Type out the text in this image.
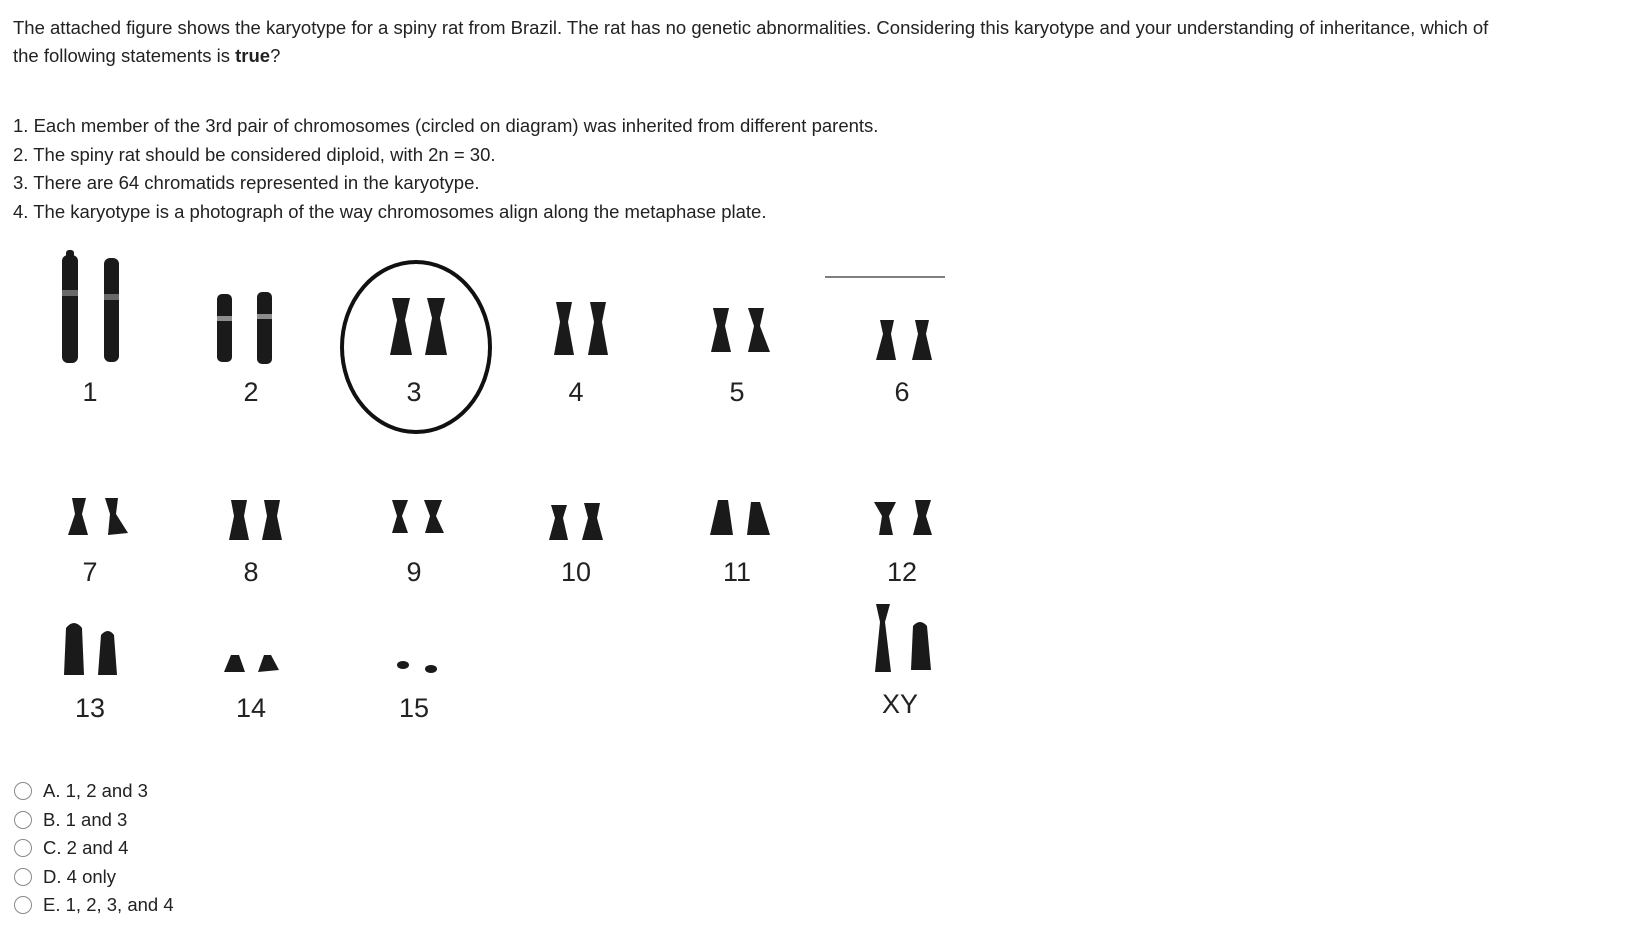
The attached figure shows the karyotype for a spiny rat from Brazil. The rat has no genetic abnormalities. Considering this karyotype and your understanding of inheritance, which of the following statements is true?
1. Each member of the 3rd pair of chromosomes (circled on diagram) was inherited from different parents.
2. The spiny rat should be considered diploid, with 2n = 30.
3. There are 64 chromatids represented in the karyotype.
4. The karyotype is a photograph of the way chromosomes align along the metaphase plate.
1	2	3	4	5	6
7	8	9	10	11	12
13	14	15	XY
A. 1, 2 and 3
B. 1 and 3
C. 2 and 4
D. 4 only
E. 1, 2, 3, and 4
